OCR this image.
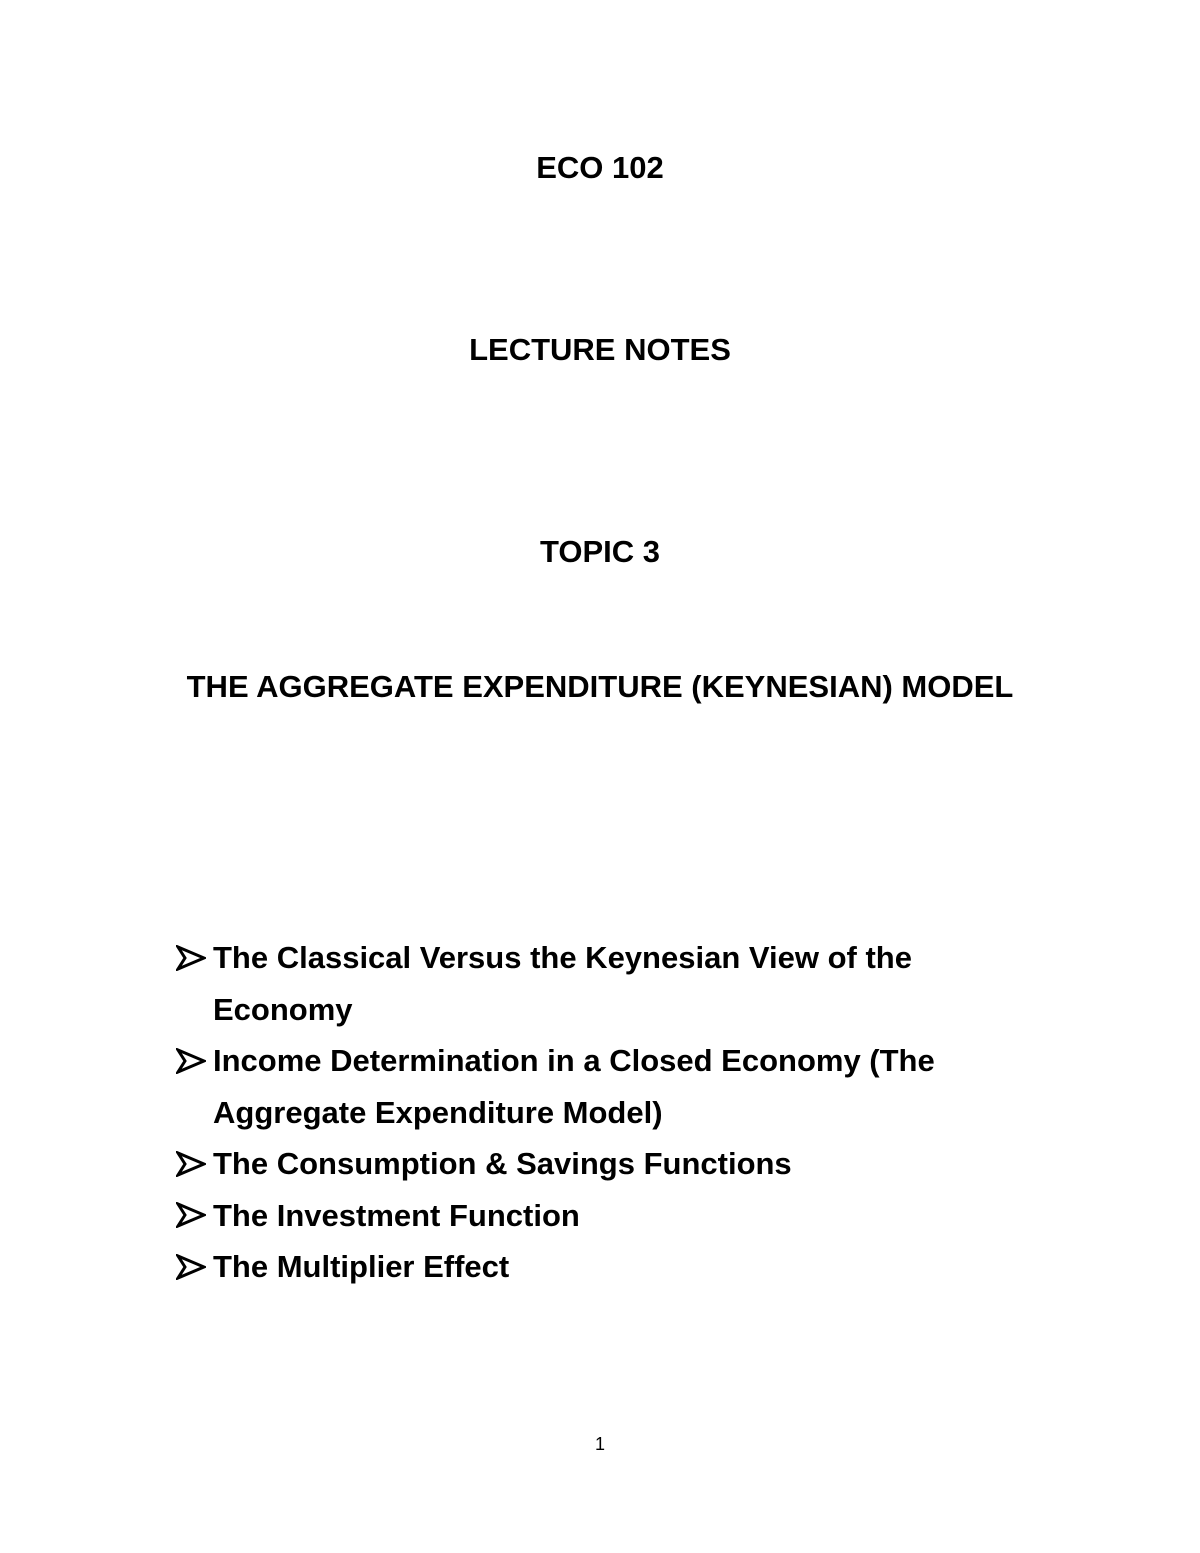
ECO 102
LECTURE NOTES
TOPIC 3
THE AGGREGATE EXPENDITURE (KEYNESIAN) MODEL
The Classical Versus the Keynesian View of the Economy
Income Determination in a Closed Economy (The Aggregate Expenditure Model)
The Consumption & Savings Functions
The Investment Function
The Multiplier Effect
1
